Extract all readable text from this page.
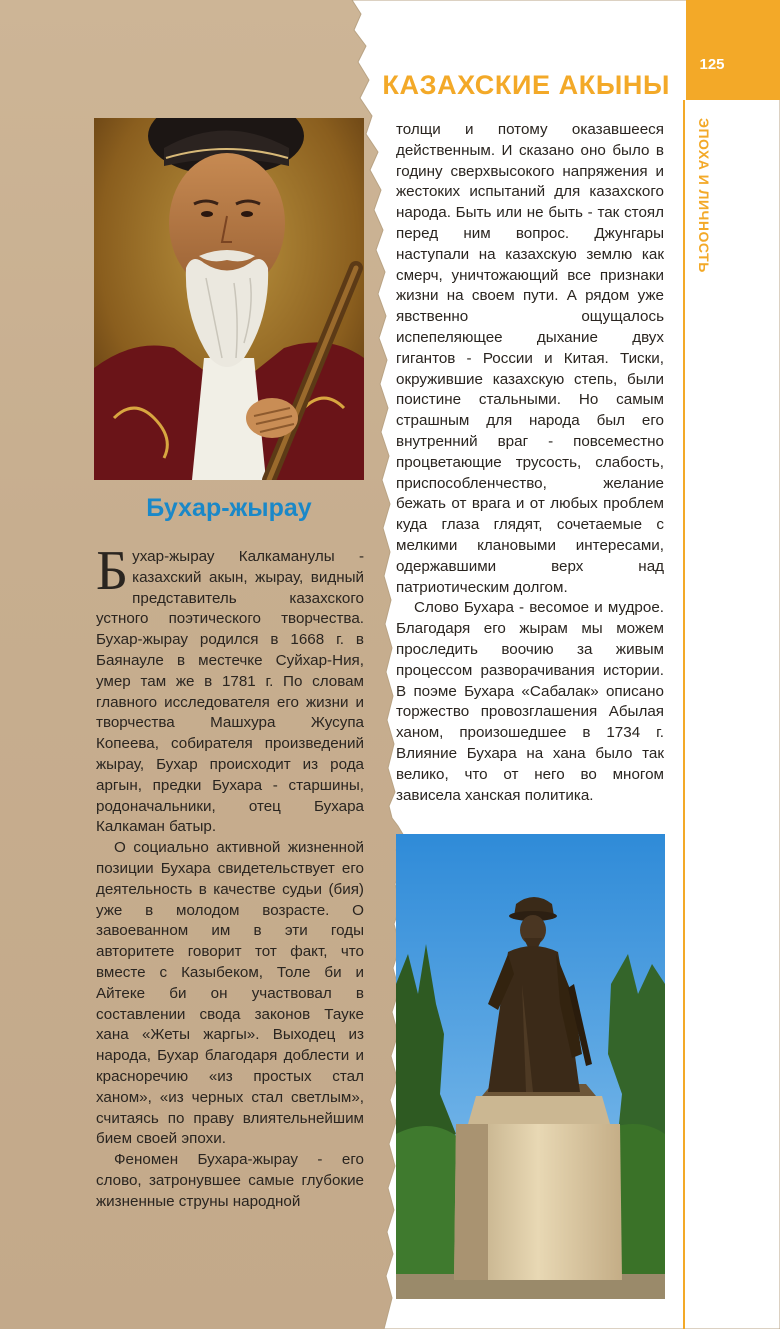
125
ЭПОХА И ЛИЧНОСТЬ
КАЗАХСКИЕ АКЫНЫ
Бухар-жырау

Бухар-жырау Калкаманулы - казахский акын, жырау, видный представитель казахского устного поэтического творчества. Бухар-жырау родился в 1668 г. в Баянауле в местечке Суйхар-Ния, умер там же в 1781 г. По словам главного исследователя его жизни и творчества Машхура Жусупа Копеева, собирателя произведений жырау, Бухар происходит из рода аргын, предки Бухара - старшины, родоначальники, отец Бухара Калкаман батыр.

О социально активной жизненной позиции Бухара свидетельствует его деятельность в качестве судьи (бия) уже в молодом возрасте. О завоеванном им в эти годы авторитете говорит тот факт, что вместе с Казыбеком, Толе би и Айтеке би он участвовал в составлении свода законов Тауке хана «Жеты жаргы». Выходец из народа, Бухар благодаря доблести и красноречию «из простых стал ханом», «из черных стал светлым», считаясь по праву влиятельнейшим бием своей эпохи.

Феномен Бухара-жырау - его слово, затронувшее самые глубокие жизненные струны народной

толщи и потому оказавшееся действенным. И сказано оно было в годину сверхвысокого напряжения и жестоких испытаний для казахского народа. Быть или не быть - так стоял перед ним вопрос. Джунгары наступали на казахскую землю как смерч, уничтожающий все признаки жизни на своем пути. А рядом уже явственно ощущалось испепеляющее дыхание двух гигантов - России и Китая. Тиски, окружившие казахскую степь, были поистине стальными. Но самым страшным для народа был его внутренний враг - повсеместно процветающие трусость, слабость, приспособленчество, желание бежать от врага и от любых проблем куда глаза глядят, сочетаемые с мелкими клановыми интересами, одержавшими верх над патриотическим долгом.

Слово Бухара - весомое и мудрое. Благодаря его жырам мы можем проследить воочию за живым процессом разворачивания истории. В поэме Бухара «Сабалак» описано торжество провозглашения Абылая ханом, произошедшее в 1734 г. Влияние Бухара на хана было так велико, что от него во многом зависела ханская политика.
